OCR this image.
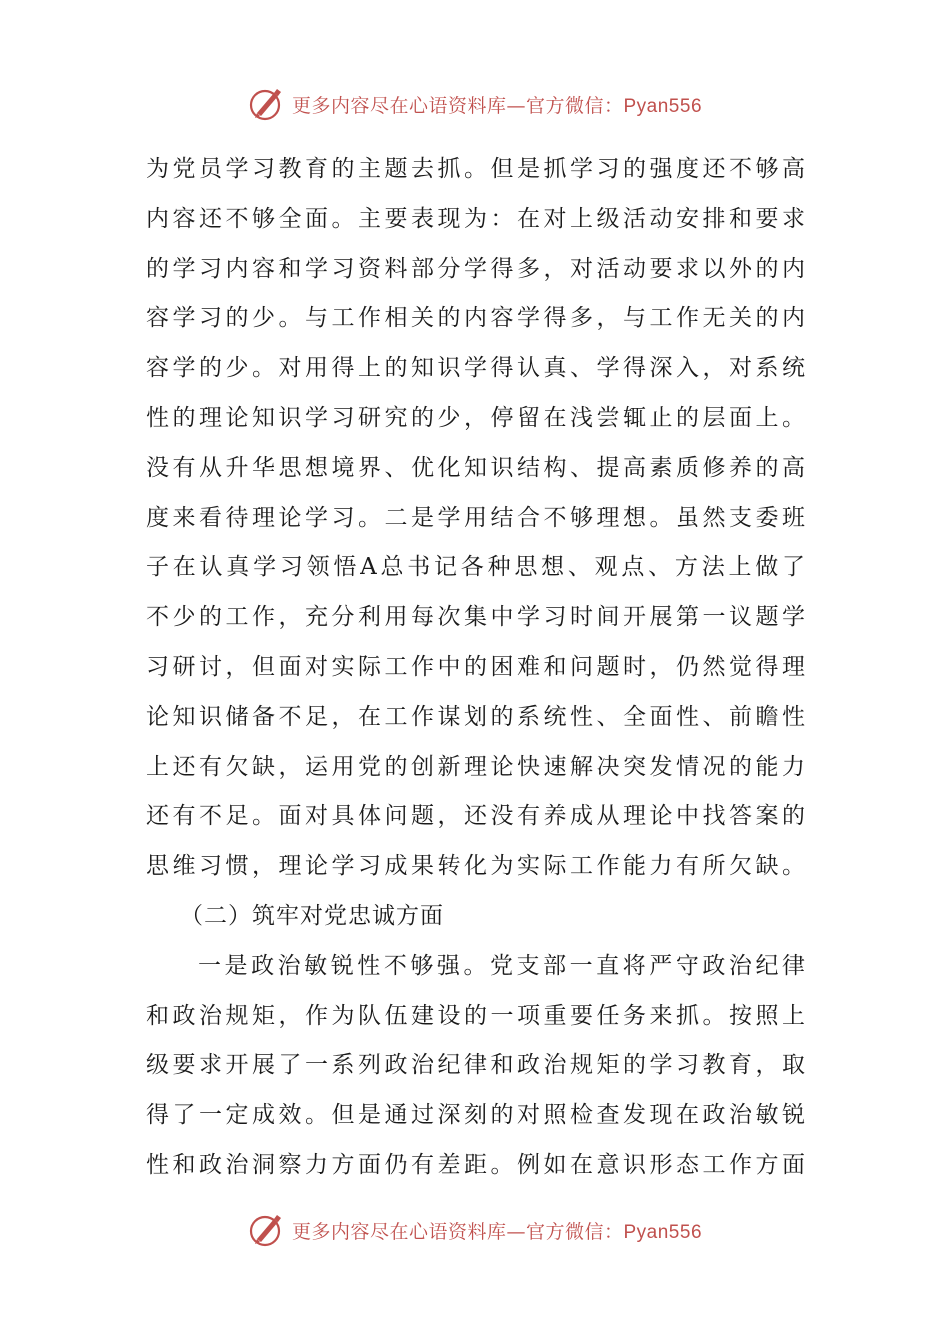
更多内容尽在心语资料库—官方微信：Pyan556
为党员学习教育的主题去抓。但是抓学习的强度还不够高
内容还不够全面。主要表现为：在对上级活动安排和要求
的学习内容和学习资料部分学得多，对活动要求以外的内
容学习的少。与工作相关的内容学得多，与工作无关的内
容学的少。对用得上的知识学得认真、学得深入，对系统
性的理论知识学习研究的少，停留在浅尝辄止的层面上。
没有从升华思想境界、优化知识结构、提高素质修养的高
度来看待理论学习。二是学用结合不够理想。虽然支委班
子在认真学习领悟A总书记各种思想、观点、方法上做了
不少的工作，充分利用每次集中学习时间开展第一议题学
习研讨，但面对实际工作中的困难和问题时，仍然觉得理
论知识储备不足，在工作谋划的系统性、全面性、前瞻性
上还有欠缺，运用党的创新理论快速解决突发情况的能力
还有不足。面对具体问题，还没有养成从理论中找答案的
思维习惯，理论学习成果转化为实际工作能力有所欠缺。
（二）筑牢对党忠诚方面
一是政治敏锐性不够强。党支部一直将严守政治纪律
和政治规矩，作为队伍建设的一项重要任务来抓。按照上
级要求开展了一系列政治纪律和政治规矩的学习教育，取
得了一定成效。但是通过深刻的对照检查发现在政治敏锐
性和政治洞察力方面仍有差距。例如在意识形态工作方面
更多内容尽在心语资料库—官方微信：Pyan556
